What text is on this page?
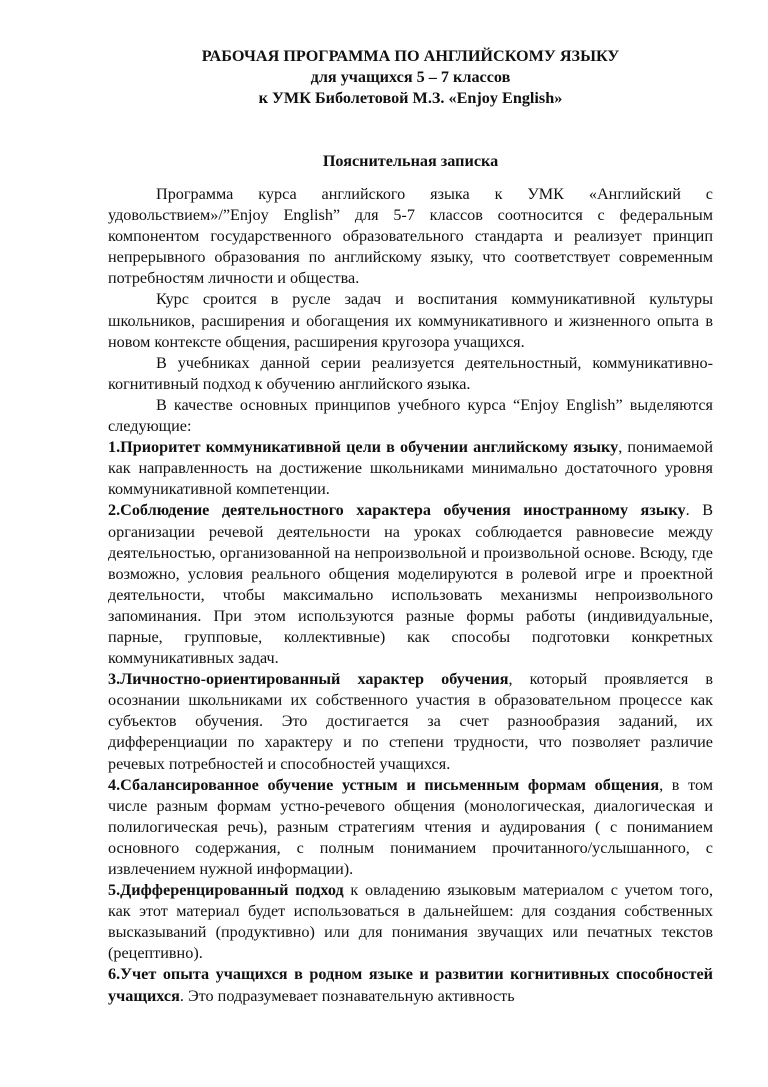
РАБОЧАЯ ПРОГРАММА ПО АНГЛИЙСКОМУ ЯЗЫКУ
для учащихся 5 – 7 классов
к УМК Биболетовой М.З. «Enjoy English»
Пояснительная записка

Программа курса английского языка к УМК «Английский с удовольствием»/”Enjoy English” для 5-7 классов соотносится с федеральным компонентом государственного образовательного стандарта и реализует принцип непрерывного образования по английскому языку, что соответствует современным потребностям личности и общества.

Курс сроится в русле задач и воспитания коммуникативной культуры школьников, расширения и обогащения их коммуникативного и жизненного опыта в новом контексте общения, расширения кругозора учащихся.

В учебниках данной серии реализуется деятельностный, коммуникативно-когнитивный подход к обучению английского языка.

В качестве основных принципов учебного курса “Enjoy English” выделяются следующие:

1.Приоритет коммуникативной цели в обучении английскому языку, понимаемой как направленность на достижение школьниками минимально достаточного уровня коммуникативной компетенции.

2.Соблюдение деятельностного характера обучения иностранному языку. В организации речевой деятельности на уроках соблюдается равновесие между деятельностью, организованной на непроизвольной и произвольной основе. Всюду, где возможно, условия реального общения моделируются в ролевой игре и проектной деятельности, чтобы максимально использовать механизмы непроизвольного запоминания. При этом используются разные формы работы (индивидуальные, парные, групповые, коллективные) как способы подготовки конкретных коммуникативных задач.

3.Личностно-ориентированный характер обучения, который проявляется в осознании школьниками их собственного участия в образовательном процессе как субъектов обучения. Это достигается за счет разнообразия заданий, их дифференциации по характеру и по степени трудности, что позволяет различие речевых потребностей и способностей учащихся.

4.Сбалансированное обучение устным и письменным формам общения, в том числе разным формам устно-речевого общения (монологическая, диалогическая и полилогическая речь), разным стратегиям чтения и аудирования ( с пониманием основного содержания, с полным пониманием прочитанного/услышанного, с извлечением нужной информации).

5.Дифференцированный подход к овладению языковым материалом с учетом того, как этот материал будет использоваться в дальнейшем: для создания собственных высказываний (продуктивно) или для понимания звучащих или печатных текстов (рецептивно).

6.Учет опыта учащихся в родном языке и развитии когнитивных способностей учащихся. Это подразумевает познавательную активность
